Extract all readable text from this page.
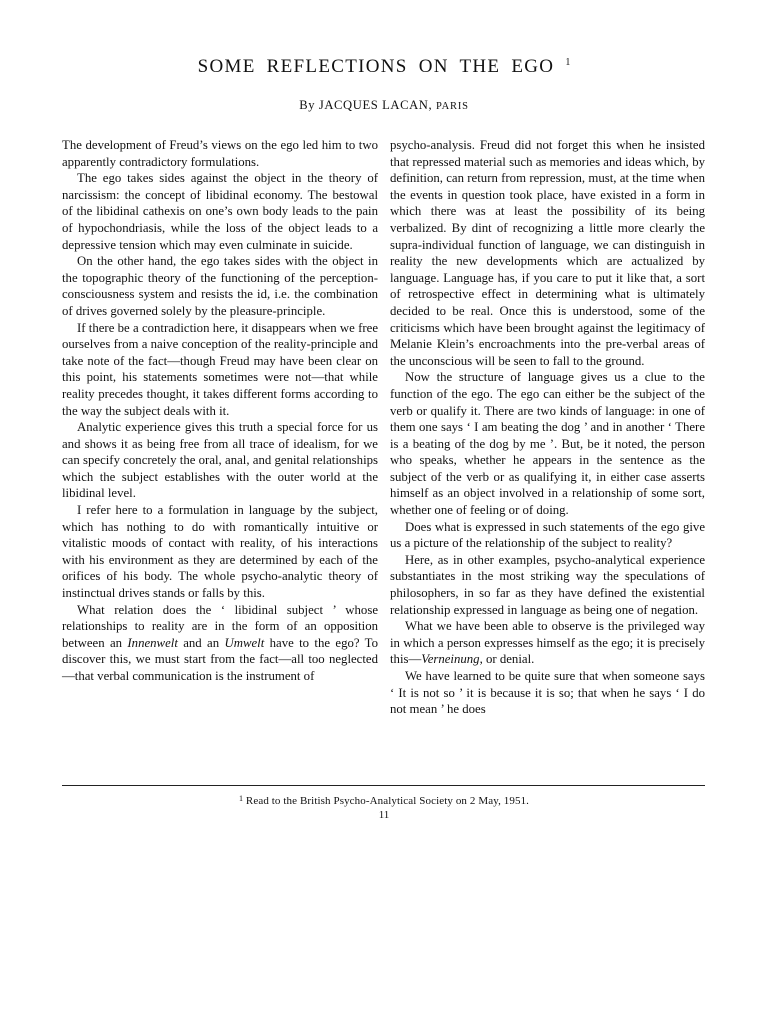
SOME REFLECTIONS ON THE EGO $^1$
By JACQUES LACAN, PARIS

The development of Freud’s views on the ego led him to two apparently contradictory formulations.

The ego takes sides against the object in the theory of narcissism: the concept of libidinal economy. The bestowal of the libidinal cathexis on one’s own body leads to the pain of hypochondriasis, while the loss of the object leads to a depressive tension which may even culminate in suicide.

On the other hand, the ego takes sides with the object in the topographic theory of the functioning of the perception-consciousness system and resists the id, i.e. the combination of drives governed solely by the pleasure-principle.

If there be a contradiction here, it disappears when we free ourselves from a naive conception of the reality-principle and take note of the fact—though Freud may have been clear on this point, his statements sometimes were not—that while reality precedes thought, it takes different forms according to the way the subject deals with it.

Analytic experience gives this truth a special force for us and shows it as being free from all trace of idealism, for we can specify concretely the oral, anal, and genital relationships which the subject establishes with the outer world at the libidinal level.

I refer here to a formulation in language by the subject, which has nothing to do with romantically intuitive or vitalistic moods of contact with reality, of his interactions with his environment as they are determined by each of the orifices of his body. The whole psycho-analytic theory of instinctual drives stands or falls by this.

What relation does the ‘ libidinal subject ’ whose relationships to reality are in the form of an opposition between an Innenwelt and an Umwelt have to the ego? To discover this, we must start from the fact—all too neglected—that verbal communication is the instrument of

psycho-analysis. Freud did not forget this when he insisted that repressed material such as memories and ideas which, by definition, can return from repression, must, at the time when the events in question took place, have existed in a form in which there was at least the possibility of its being verbalized. By dint of recognizing a little more clearly the supra-individual function of language, we can distinguish in reality the new developments which are actualized by language. Language has, if you care to put it like that, a sort of retrospective effect in determining what is ultimately decided to be real. Once this is understood, some of the criticisms which have been brought against the legitimacy of Melanie Klein’s encroachments into the pre-verbal areas of the unconscious will be seen to fall to the ground.

Now the structure of language gives us a clue to the function of the ego. The ego can either be the subject of the verb or qualify it. There are two kinds of language: in one of them one says ‘ I am beating the dog ’ and in another ‘ There is a beating of the dog by me ’. But, be it noted, the person who speaks, whether he appears in the sentence as the subject of the verb or as qualifying it, in either case asserts himself as an object involved in a relationship of some sort, whether one of feeling or of doing.

Does what is expressed in such statements of the ego give us a picture of the relationship of the subject to reality?

Here, as in other examples, psycho-analytical experience substantiates in the most striking way the speculations of philosophers, in so far as they have defined the existential relationship expressed in language as being one of negation.

What we have been able to observe is the privileged way in which a person expresses himself as the ego; it is precisely this—Verneinung, or denial.

We have learned to be quite sure that when someone says ‘ It is not so ’ it is because it is so; that when he says ‘ I do not mean ’ he does

$^1$ Read to the British Psycho-Analytical Society on 2 May, 1951.
11
